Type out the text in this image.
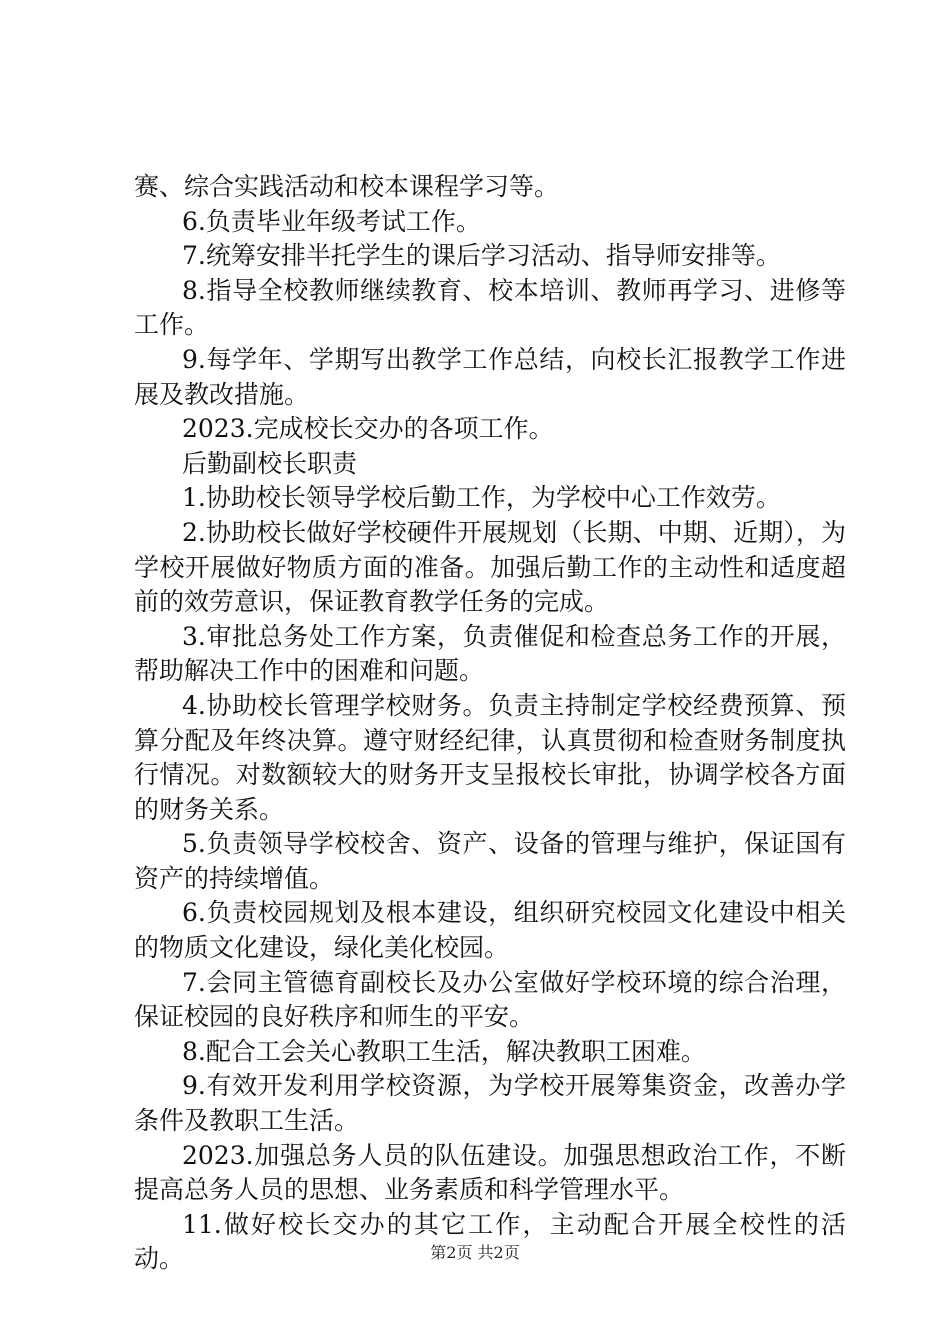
赛、综合实践活动和校本课程学习等。

6.负责毕业年级考试工作。

7.统筹安排半托学生的课后学习活动、指导师安排等。

8.指导全校教师继续教育、校本培训、教师再学习、进修等工作。

9.每学年、学期写出教学工作总结，向校长汇报教学工作进展及教改措施。

2023.完成校长交办的各项工作。

后勤副校长职责

1.协助校长领导学校后勤工作，为学校中心工作效劳。

2.协助校长做好学校硬件开展规划（长期、中期、近期），为学校开展做好物质方面的准备。加强后勤工作的主动性和适度超前的效劳意识，保证教育教学任务的完成。

3.审批总务处工作方案，负责催促和检查总务工作的开展，帮助解决工作中的困难和问题。

4.协助校长管理学校财务。负责主持制定学校经费预算、预算分配及年终决算。遵守财经纪律，认真贯彻和检查财务制度执行情况。对数额较大的财务开支呈报校长审批，协调学校各方面的财务关系。

5.负责领导学校校舍、资产、设备的管理与维护，保证国有资产的持续增值。

6.负责校园规划及根本建设，组织研究校园文化建设中相关的物质文化建设，绿化美化校园。

7.会同主管德育副校长及办公室做好学校环境的综合治理，保证校园的良好秩序和师生的平安。

8.配合工会关心教职工生活，解决教职工困难。

9.有效开发利用学校资源，为学校开展筹集资金，改善办学条件及教职工生活。

2023.加强总务人员的队伍建设。加强思想政治工作，不断提高总务人员的思想、业务素质和科学管理水平。

11.做好校长交办的其它工作，主动配合开展全校性的活动。	第2页 共2页
